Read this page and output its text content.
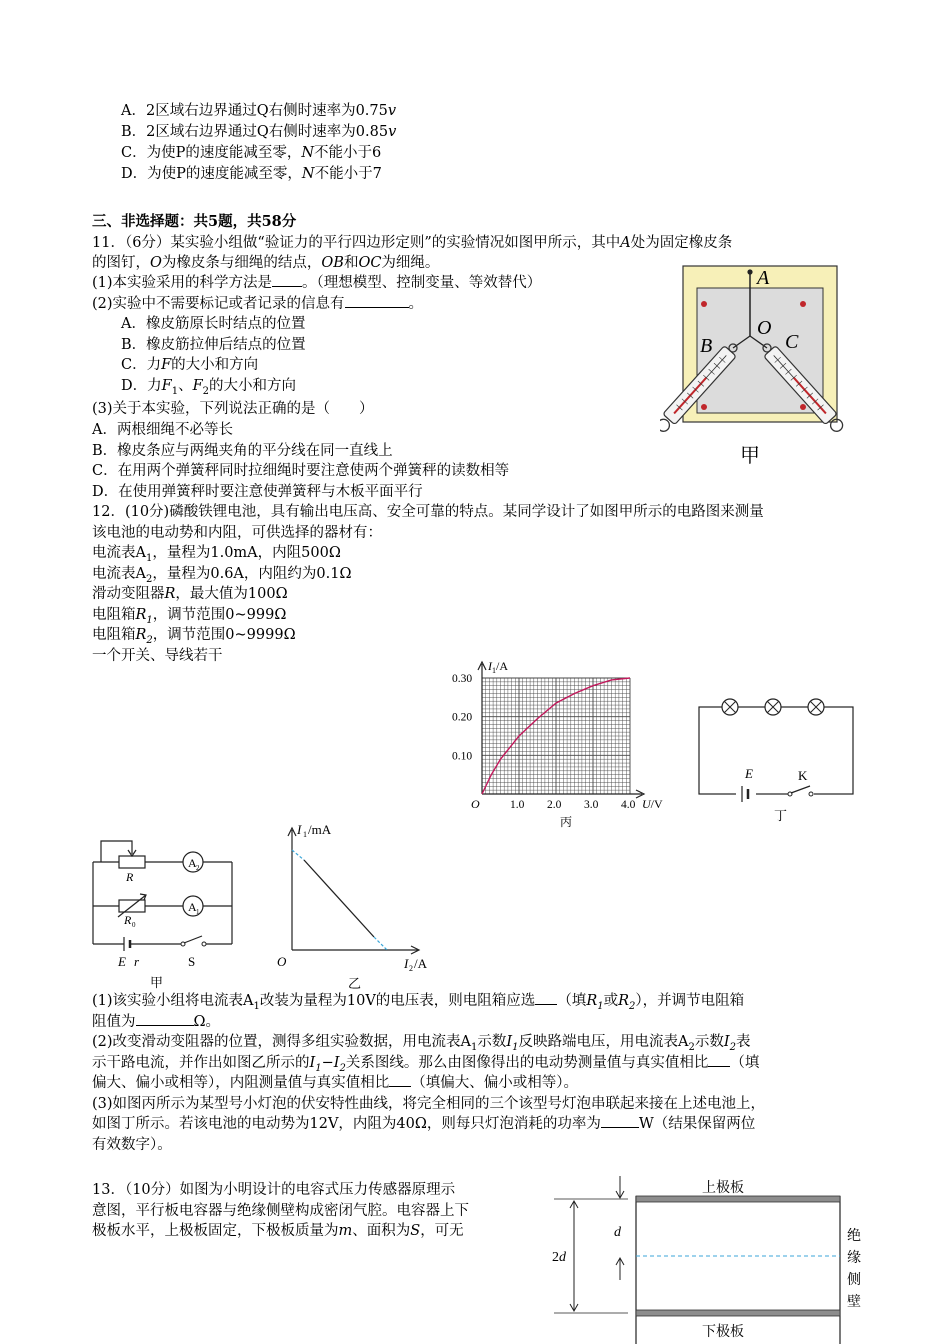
A．2区域右边界通过Q右侧时速率为0.75v
B．2区域右边界通过Q右侧时速率为0.85v
C．为使P的速度能减至零，N不能小于6
D．为使P的速度能减至零，N不能小于7
三、非选择题：共5题，共58分
11．（6分）某实验小组做“验证力的平行四边形定则”的实验情况如图甲所示，其中A处为固定橡皮条
的图钉，O为橡皮条与细绳的结点，OB和OC为细绳。
(1)本实验采用的科学方法是 。（理想模型、控制变量、等效替代）
(2)实验中不需要标记或者记录的信息有	。
A．橡皮筋原长时结点的位置
B．橡皮筋拉伸后结点的位置
C．力F的大小和方向
D．力$F_1$、$F_2$的大小和方向
(3)关于本实验，下列说法正确的是（　　）
A．两根细绳不必等长
B．橡皮条应与两绳夹角的平分线在同一直线上
C．在用两个弹簧秤同时拉细绳时要注意使两个弹簧秤的读数相等
D．在使用弹簧秤时要注意使弹簧秤与木板平面平行
A
O
B	C
甲
12．(10分)磷酸铁锂电池，具有输出电压高、安全可靠的特点。某同学设计了如图甲所示的电路图来测量
该电池的电动势和内阻，可供选择的器材有：
电流表$A_1$，量程为1.0mA，内阻500Ω
电流表$A_2$，量程为0.6A，内阻约为0.1Ω
滑动变阻器R，最大值为100Ω
电阻箱$R_1$，调节范围0~999Ω
电阻箱$R_2$，调节范围0~9999Ω
一个开关、导线若干
1.0 2.0 3.0 4.0
0.10
0.20
0.30
O
$I_1/A$
U/V
丙
E	K
丁
A 2
A 1
R
R 0
E r	S
甲
I 1 /mA
O	I 2 /A
乙
(1)该实验小组将电流表$A_1$改装为量程为10V的电压表，则电阻箱应选 （填$R_1$或$R_2$），并调节电阻箱
阻值为	Ω。
(2)改变滑动变阻器的位置，测得多组实验数据，用电流表$A_1$示数$I_1$反映路端电压，用电流表$A_2$示数$I_2$表
示干路电流，并作出如图乙所示的$I_1-I_2$关系图线。那么由图像得出的电动势测量值与真实值相比 （填
偏大、偏小或相等），内阻测量值与真实值相比 （填偏大、偏小或相等）。
(3)如图丙所示为某型号小灯泡的伏安特性曲线，将完全相同的三个该型号灯泡串联起来接在上述电池上，
如图丁所示。若该电池的电动势为12V，内阻为40Ω，则每只灯泡消耗的功率为	W（结果保留两位
有效数字）。
13．（10分）如图为小明设计的电容式压力传感器原理示
意图，平行板电容器与绝缘侧壁构成密闭气腔。电容器上下
极板水平，上极板固定，下极板质量为m、面积为S，可无
上极板
下极板
d
2d
绝
缘
侧
壁
